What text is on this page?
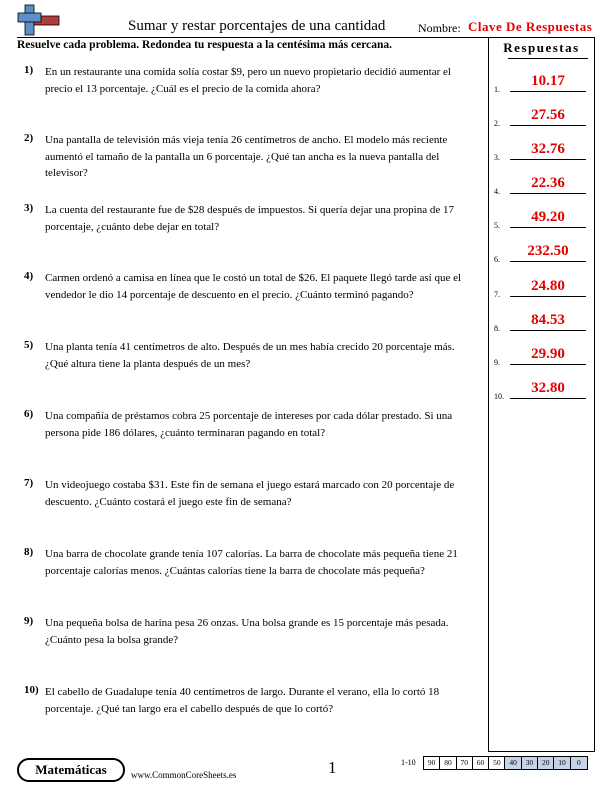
Sumar y restar porcentajes de una cantidad	Nombre: Clave De Respuestas
Resuelve cada problema. Redondea tu respuesta a la centésima más cercana.	Respuestas
1.
10.17
2.
27.56
3.
32.76
4.
22.36
5.
49.20
6.
232.50
7.
24.80
8.
84.53
9.
29.90
10.
32.80
1) En un restaurante una comida solía costar $9, pero un nuevo propietario decidió aumentar el precio el 13 porcentaje. ¿Cuál es el precio de la comida ahora?
2) Una pantalla de televisión más vieja tenía 26 centímetros de ancho. El modelo más reciente aumentó el tamaño de la pantalla un 6 porcentaje. ¿Qué tan ancha es la nueva pantalla del televisor?
3) La cuenta del restaurante fue de $28 después de impuestos. Si quería dejar una propina de 17 porcentaje, ¿cuánto debe dejar en total?
4) Carmen ordenó a camisa en línea que le costó un total de $26. El paquete llegó tarde así que el vendedor le dio 14 porcentaje de descuento en el precio. ¿Cuánto terminó pagando?
5) Una planta tenía 41 centímetros de alto. Después de un mes había crecido 20 porcentaje más. ¿Qué altura tiene la planta después de un mes?
6) Una compañía de préstamos cobra 25 porcentaje de intereses por cada dólar prestado. Si una persona pide 186 dólares, ¿cuánto terminaran pagando en total?
7) Un videojuego costaba $31. Este fin de semana el juego estará marcado con 20 porcentaje de descuento. ¿Cuánto costará el juego este fin de semana?
8) Una barra de chocolate grande tenía 107 calorías. La barra de chocolate más pequeña tiene 21 porcentaje calorías menos. ¿Cuántas calorías tiene la barra de chocolate más pequeña?
9) Una pequeña bolsa de harina pesa 26 onzas. Una bolsa grande es 15 porcentaje más pesada. ¿Cuánto pesa la bolsa grande?
10) El cabello de Guadalupe tenía 40 centímetros de largo. Durante el verano, ella lo cortó 18 porcentaje. ¿Qué tan largo era el cabello después de que lo cortó?
Matemáticas	www.CommonCoreSheets.es	1	1-10	90	80	70	60	50	40	30	20	10	0
